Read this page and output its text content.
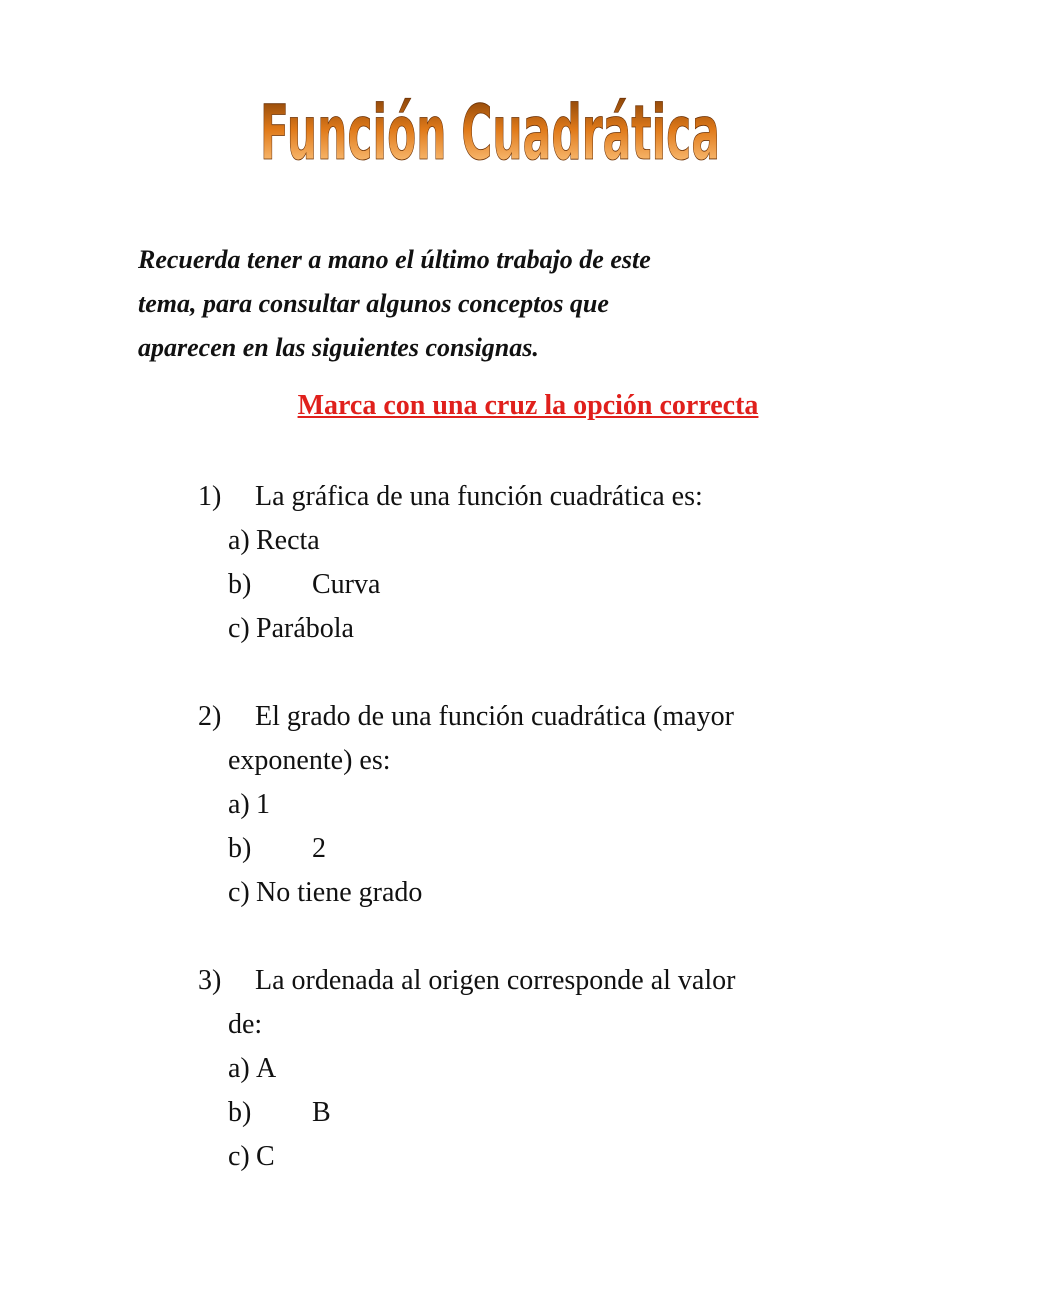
Función Cuadrática
Recuerda tener a mano el último trabajo de este
tema, para consultar algunos conceptos que
aparecen en las siguientes consignas.
Marca con una cruz la opción correcta
1) La gráfica de una función cuadrática es:
a) Recta
b) Curva
c) Parábola
2) El grado de una función cuadrática (mayor
exponente) es:
a) 1
b) 2
c) No tiene grado
3) La ordenada al origen corresponde al valor
de:
a) A
b) B
c) C
